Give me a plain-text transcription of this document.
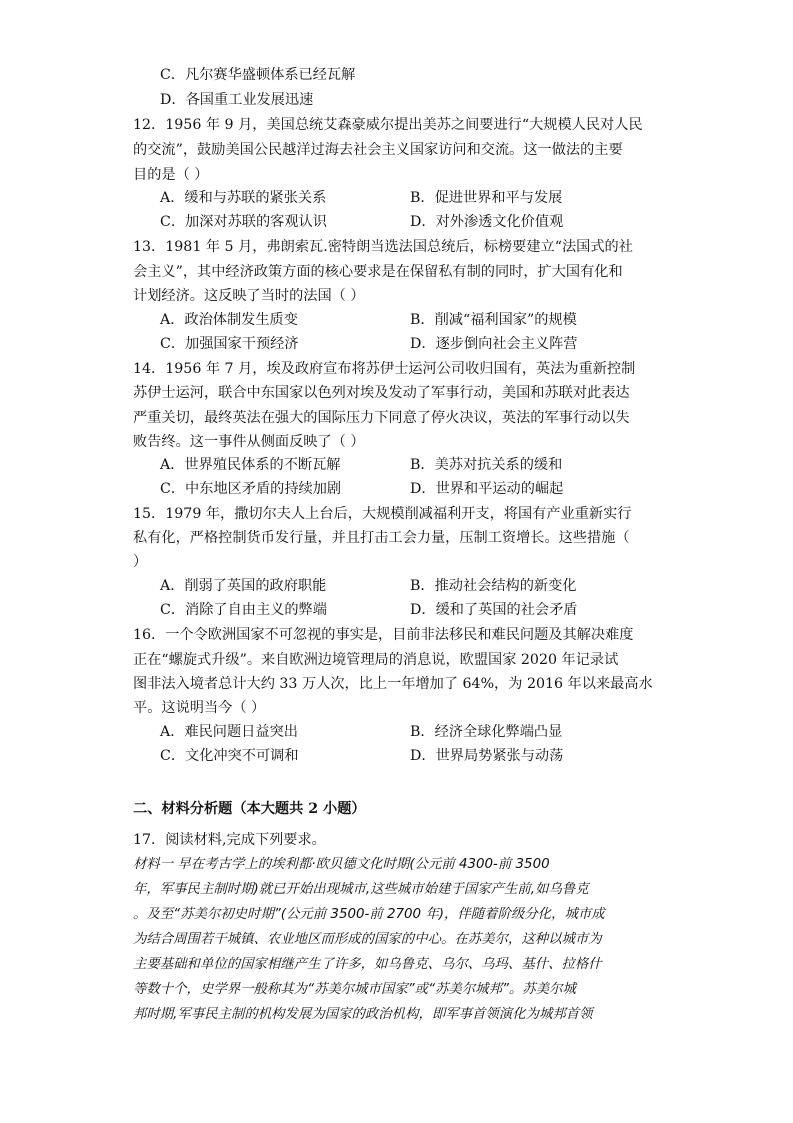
C．凡尔赛华盛顿体系已经瓦解
D．各国重工业发展迅速
12．1956 年 9 月，美国总统艾森豪威尔提出美苏之间要进行“大规模人民对人民
的交流”，鼓励美国公民越洋过海去社会主义国家访问和交流。这一做法的主要
目的是（ ）
A．缓和与苏联的紧张关系	B．促进世界和平与发展
C．加深对苏联的客观认识	D．对外渗透文化价值观
13．1981 年 5 月，弗朗索瓦.密特朗当选法国总统后，标榜要建立“法国式的社
会主义”，其中经济政策方面的核心要求是在保留私有制的同时，扩大国有化和
计划经济。这反映了当时的法国（ ）
A．政治体制发生质变	B．削减“福利国家”的规模
C．加强国家干预经济	D．逐步倒向社会主义阵营
14．1956 年 7 月，埃及政府宣布将苏伊士运河公司收归国有，英法为重新控制
苏伊士运河，联合中东国家以色列对埃及发动了军事行动，美国和苏联对此表达
严重关切，最终英法在强大的国际压力下同意了停火决议，英法的军事行动以失
败告终。这一事件从侧面反映了（ ）
A．世界殖民体系的不断瓦解	B．美苏对抗关系的缓和
C．中东地区矛盾的持续加剧	D．世界和平运动的崛起
15．1979 年，撒切尔夫人上台后，大规模削减福利开支，将国有产业重新实行
私有化，严格控制货币发行量，并且打击工会力量，压制工资增长。这些措施（
）
A．削弱了英国的政府职能	B．推动社会结构的新变化
C．消除了自由主义的弊端	D．缓和了英国的社会矛盾
16．一个令欧洲国家不可忽视的事实是，目前非法移民和难民问题及其解决难度
正在“螺旋式升级”。来自欧洲边境管理局的消息说，欧盟国家 2020 年记录试
图非法入境者总计大约 33 万人次，比上一年增加了 64%，为 2016 年以来最高水
平。这说明当今（ ）
A．难民问题日益突出	B．经济全球化弊端凸显
C．文化冲突不可调和	D．世界局势紧张与动荡
二、材料分析题（本大题共 2 小题）
17．阅读材料,完成下列要求。
材料一 早在考古学上的埃利都·欧贝德文化时期(公元前 4300-前 3500
年，军事民主制时期)就已开始出现城市,这些城市始建于国家产生前,如乌鲁克
。及至“苏美尔初史时期”(公元前 3500-前 2700 年)，伴随着阶级分化，城市成
为结合周围若干城镇、农业地区而形成的国家的中心。在苏美尔，这种以城市为
主要基础和单位的国家相继产生了许多，如乌鲁克、乌尔、乌玛、基什、拉格什
等数十个，史学界一般称其为“苏美尔城市国家”或“苏美尔城邦”。苏美尔城
邦时期,军事民主制的机构发展为国家的政治机构，即军事首领演化为城邦首领
